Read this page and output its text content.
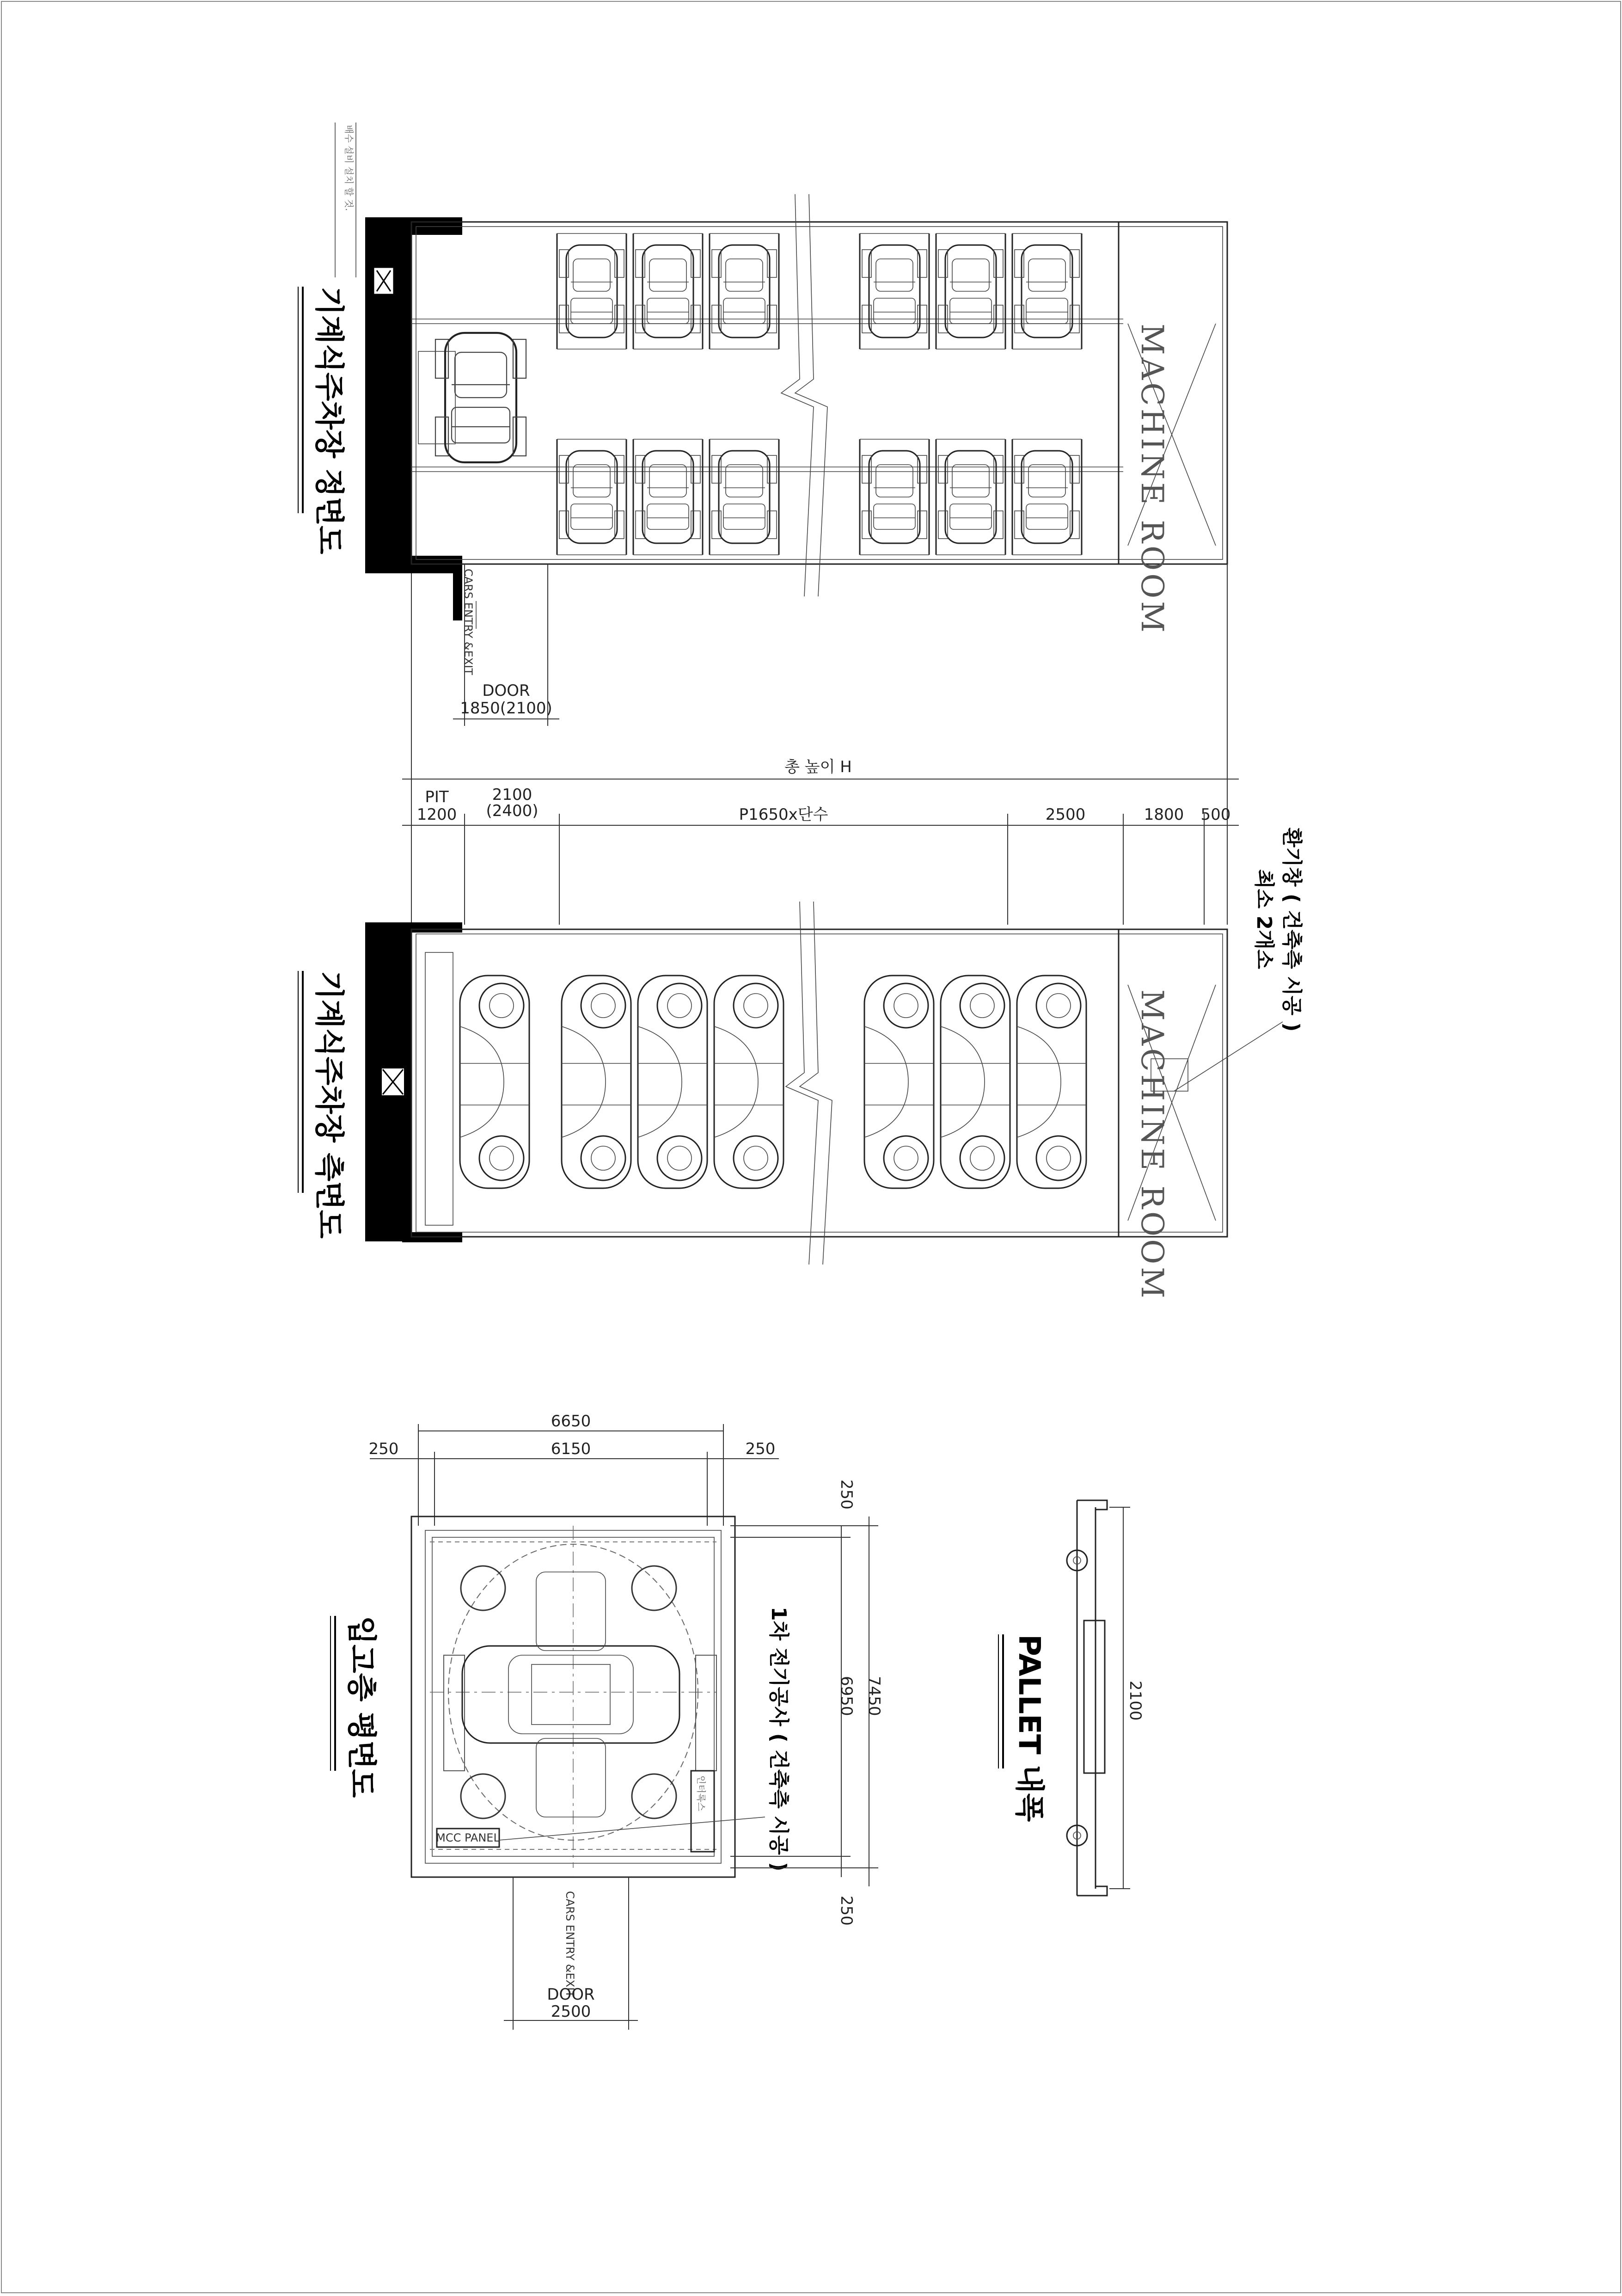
배수 설비 설치 할 것.
MACHINE ROOM
CARS ENTRY &EXIT
DOOR
1850(2100)
기계식주차장 정면도
총 높이 H
PIT
1200
2100
(2400)	P1650x단수	2500	1800 500
MACHINE ROOM
기계식주차장 측면도
환기창 ( 건축측 시공 )
최소 2개소
6650
6150
250	250
인터록스
MCC PANEL	1차 전기공사 ( 건축측 시공 )
250
250
6950 7450
CARS ENTRY &EXIT
DOOR
2500
입고층 평면도	2100
PALLET 내폭
